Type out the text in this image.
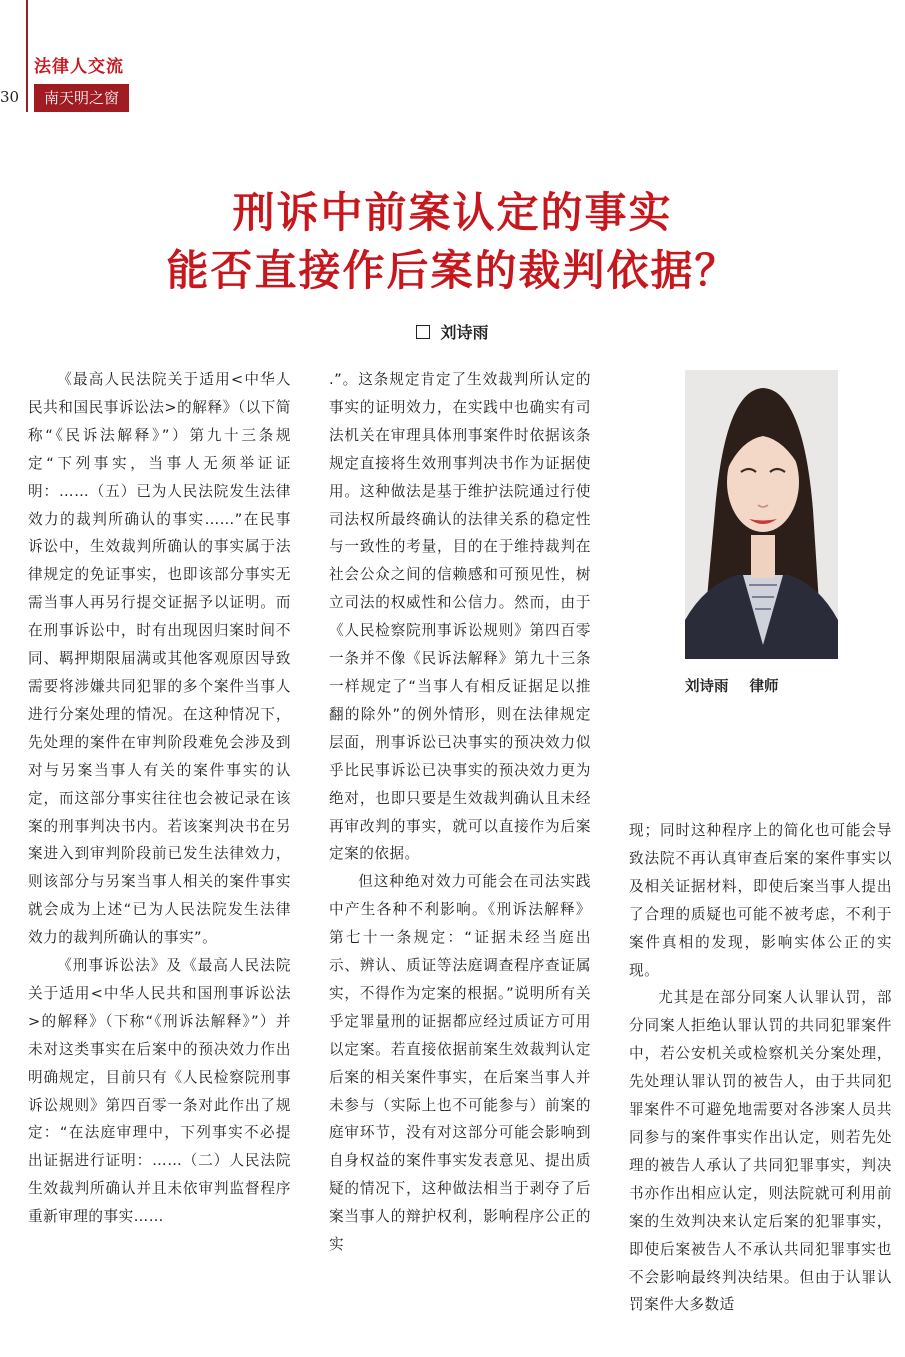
法律人交流
30	南天明之窗
刑诉中前案认定的事实
能否直接作后案的裁判依据？
刘诗雨

《最高人民法院关于适用<中华人民共和国民事诉讼法>的解释》（以下简称“《民诉法解释》”）第九十三条规定“下列事实，当事人无须举证证明：……（五）已为人民法院发生法律效力的裁判所确认的事实……”在民事诉讼中，生效裁判所确认的事实属于法律规定的免证事实，也即该部分事实无需当事人再另行提交证据予以证明。而在刑事诉讼中，时有出现因归案时间不同、羁押期限届满或其他客观原因导致需要将涉嫌共同犯罪的多个案件当事人进行分案处理的情况。在这种情况下，先处理的案件在审判阶段难免会涉及到对与另案当事人有关的案件事实的认定，而这部分事实往往也会被记录在该案的刑事判决书内。若该案判决书在另案进入到审判阶段前已发生法律效力，则该部分与另案当事人相关的案件事实就会成为上述“已为人民法院发生法律效力的裁判所确认的事实”。

《刑事诉讼法》及《最高人民法院关于适用<中华人民共和国刑事诉讼法>的解释》（下称“《刑诉法解释》”）并未对这类事实在后案中的预决效力作出明确规定，目前只有《人民检察院刑事诉讼规则》第四百零一条对此作出了规定：“在法庭审理中，下列事实不必提出证据进行证明：……（二）人民法院生效裁判所确认并且未依审判监督程序重新审理的事实……

.”。这条规定肯定了生效裁判所认定的事实的证明效力，在实践中也确实有司法机关在审理具体刑事案件时依据该条规定直接将生效刑事判决书作为证据使用。这种做法是基于维护法院通过行使司法权所最终确认的法律关系的稳定性与一致性的考量，目的在于维持裁判在社会公众之间的信赖感和可预见性，树立司法的权威性和公信力。然而，由于《人民检察院刑事诉讼规则》第四百零一条并不像《民诉法解释》第九十三条一样规定了“当事人有相反证据足以推翻的除外”的例外情形，则在法律规定层面，刑事诉讼已决事实的预决效力似乎比民事诉讼已决事实的预决效力更为绝对，也即只要是生效裁判确认且未经再审改判的事实，就可以直接作为后案定案的依据。

但这种绝对效力可能会在司法实践中产生各种不利影响。《刑诉法解释》第七十一条规定：“证据未经当庭出示、辨认、质证等法庭调查程序查证属实，不得作为定案的根据。”说明所有关乎定罪量刑的证据都应经过质证方可用以定案。若直接依据前案生效裁判认定后案的相关案件事实，在后案当事人并未参与（实际上也不可能参与）前案的庭审环节，没有对这部分可能会影响到自身权益的案件事实发表意见、提出质疑的情况下，这种做法相当于剥夺了后案当事人的辩护权利，影响程序公正的实

刘诗雨 律师

现；同时这种程序上的简化也可能会导致法院不再认真审查后案的案件事实以及相关证据材料，即使后案当事人提出了合理的质疑也可能不被考虑，不利于案件真相的发现，影响实体公正的实现。

尤其是在部分同案人认罪认罚，部分同案人拒绝认罪认罚的共同犯罪案件中，若公安机关或检察机关分案处理，先处理认罪认罚的被告人，由于共同犯罪案件不可避免地需要对各涉案人员共同参与的案件事实作出认定，则若先处理的被告人承认了共同犯罪事实，判决书亦作出相应认定，则法院就可利用前案的生效判决来认定后案的犯罪事实，即使后案被告人不承认共同犯罪事实也不会影响最终判决结果。但由于认罪认罚案件大多数适
